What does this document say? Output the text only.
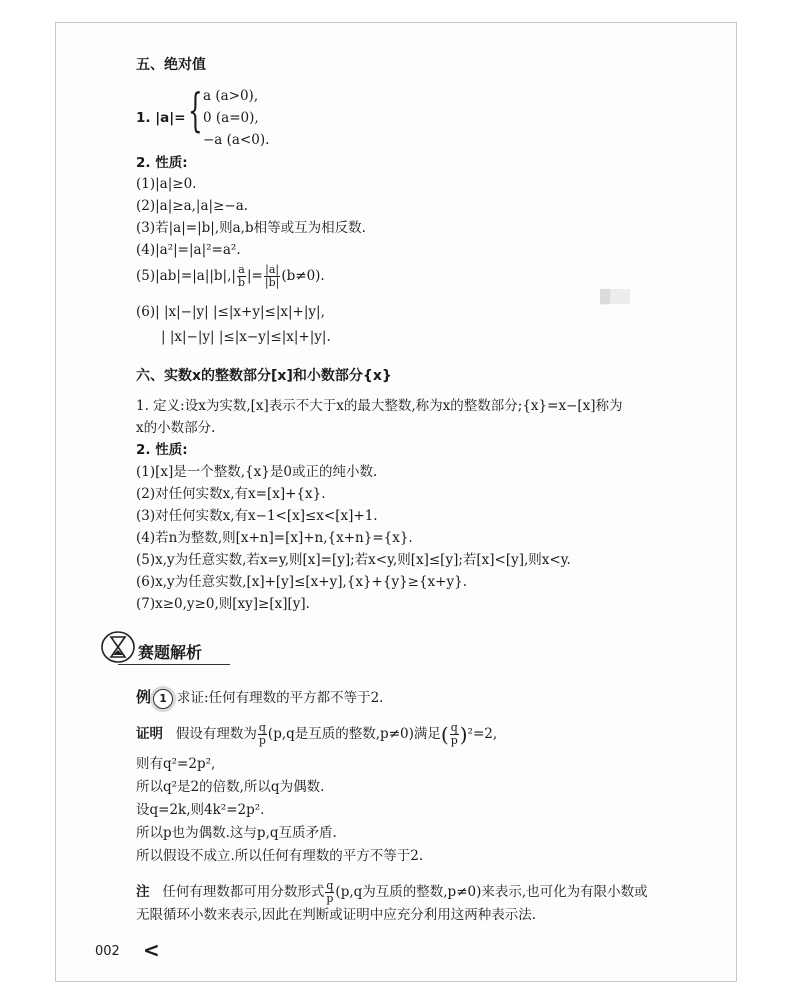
█▒▒
五、绝对值
1. |a|= { a (a>0),
0 (a=0),
−a (a<0).
2. 性质:
(1)|a|≥0.
(2)|a|≥a,|a|≥−a.
(3)若|a|=|b|,则a,b相等或互为相反数.
(4)|a²|=|a|²=a².
$(5)|ab|=|a||b|,| \frac{a}{b}$ |= $\frac{|a|}{|b|} (b\ne 0)$.
(6)| |x|−|y| |≤|x+y|≤|x|+|y|,
| |x|−|y| |≤|x−y|≤|x|+|y|.
六、实数x的整数部分[x]和小数部分{x}
1. 定义:设x为实数,[x]表示不大于x的最大整数,称为x的整数部分;{x}=x−[x]称为
x的小数部分.
2. 性质:
(1)[x]是一个整数,{x}是0或正的纯小数.
(2)对任何实数x,有x=[x]+{x}.
(3)对任何实数x,有x−1<[x]≤x<[x]+1.
(4)若n为整数,则[x+n]=[x]+n,{x+n}={x}.
(5)x,y为任意实数,若x=y,则[x]=[y];若x<y,则[x]≤[y];若[x]<[y],则x<y.
(6)x,y为任意实数,[x]+[y]≤[x+y],{x}+{y}≥{x+y}.
(7)x≥0,y≥0,则[xy]≥[x][y].
赛题解析
例 1 求证:任何有理数的平方都不等于2.
证明 假设有理数为 $\frac{q}{p} (p,q$是互质的整数,p≠0)满足( $\frac{q}{p} )^2=2$,
则有q²=2p²,
所以q²是2的倍数,所以q为偶数.
设q=2k,则4k²=2p².
所以p也为偶数.这与p,q互质矛盾.
所以假设不成立.所以任何有理数的平方不等于2.
注 任何有理数都可用分数形式 $\frac{q}{p} (p,q$为互质的整数,p≠0)来表示,也可化为有限小数或
无限循环小数来表示,因此在判断或证明中应充分利用这两种表示法.
002 <
